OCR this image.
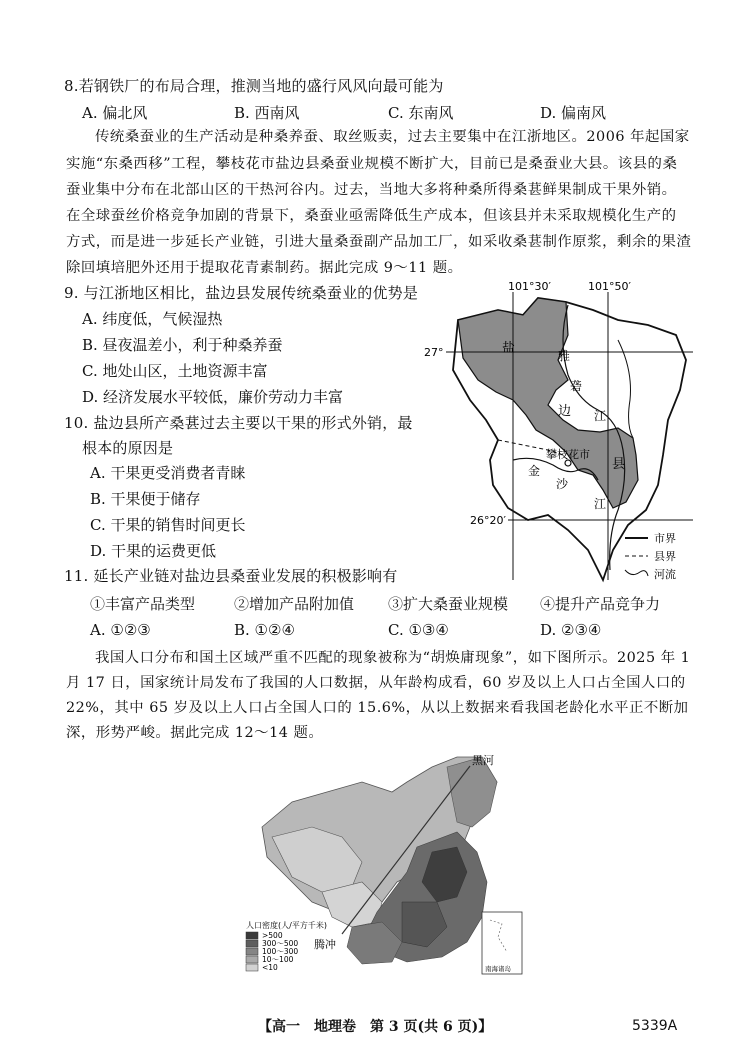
8.若钢铁厂的布局合理，推测当地的盛行风风向最可能为
A. 偏北风	B. 西南风	C. 东南风	D. 偏南风
传统桑蚕业的生产活动是种桑养蚕、取丝贩卖，过去主要集中在江浙地区。2006 年起国家
实施“东桑西移”工程，攀枝花市盐边县桑蚕业规模不断扩大，目前已是桑蚕业大县。该县的桑
蚕业集中分布在北部山区的干热河谷内。过去，当地大多将种桑所得桑葚鲜果制成干果外销。
在全球蚕丝价格竞争加剧的背景下，桑蚕业亟需降低生产成本，但该县并未采取规模化生产的
方式，而是进一步延长产业链，引进大量桑蚕副产品加工厂，如采收桑葚制作原浆，剩余的果渣
除回填培肥外还用于提取花青素制药。据此完成 9～11 题。
9. 与江浙地区相比，盐边县发展传统桑蚕业的优势是
A. 纬度低，气候湿热
B. 昼夜温差小，利于种桑养蚕
C. 地处山区，土地资源丰富
D. 经济发展水平较低，廉价劳动力丰富
10. 盐边县所产桑葚过去主要以干果的形式外销，最
根本的原因是
A. 干果更受消费者青睐
B. 干果便于储存
C. 干果的销售时间更长
D. 干果的运费更低
101°30′	101°50′
27°
26°20′
盐
边
县
雅
砻
江
金
沙
江
攀枝花市
市界
县界
河流
11. 延长产业链对盐边县桑蚕业发展的积极影响有
①丰富产品类型	②增加产品附加值 ③扩大桑蚕业规模 ④提升产品竞争力
A. ①②③	B. ①②④	C. ①③④	D. ②③④
我国人口分布和国土区域严重不匹配的现象被称为“胡焕庸现象”，如下图所示。2025 年 1
月 17 日，国家统计局发布了我国的人口数据，从年龄构成看，60 岁及以上人口占全国人口的
22%，其中 65 岁及以上人口占全国人口的 15.6%，从以上数据来看我国老龄化水平正不断加
深，形势严峻。据此完成 12～14 题。
黑河
腾冲
人口密度(人/平方千米)
>500
300～500
100～300
10～100
<10	南海诸岛
【高一　地理卷　第 3 页(共 6 页)】	5339A
